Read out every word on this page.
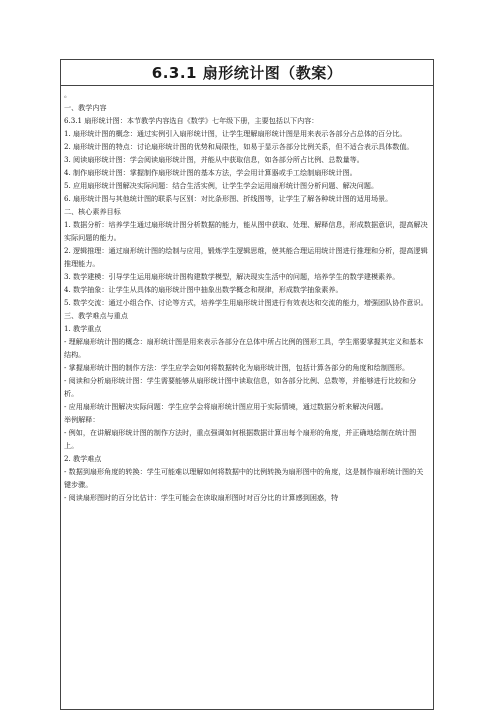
6.3.1 扇形统计图（教案）

。

一、教学内容

6.3.1 扇形统计图：本节教学内容选自《数学》七年级下册，主要包括以下内容：

1. 扇形统计图的概念：通过实例引入扇形统计图，让学生理解扇形统计图是用来表示各部分占总体的百分比。

2. 扇形统计图的特点：讨论扇形统计图的优势和局限性，如易于显示各部分比例关系，但不适合表示具体数值。

3. 阅读扇形统计图：学会阅读扇形统计图，并能从中获取信息，如各部分所占比例、总数量等。

4. 制作扇形统计图：掌握制作扇形统计图的基本方法，学会用计算器或手工绘制扇形统计图。

5. 应用扇形统计图解决实际问题：结合生活实例，让学生学会运用扇形统计图分析问题、解决问题。

6. 扇形统计图与其他统计图的联系与区别：对比条形图、折线图等，让学生了解各种统计图的适用场景。

二、核心素养目标

1. 数据分析：培养学生通过扇形统计图分析数据的能力，能从图中获取、处理、解释信息，形成数据意识，提高解决实际问题的能力。

2. 逻辑推理：通过扇形统计图的绘制与应用，锻炼学生逻辑思维，使其能合理运用统计图进行推理和分析，提高逻辑推理能力。

3. 数学建模：引导学生运用扇形统计图构建数学模型，解决现实生活中的问题，培养学生的数学建模素养。

4. 数学抽象：让学生从具体的扇形统计图中抽象出数学概念和规律，形成数学抽象素养。

5. 数学交流：通过小组合作、讨论等方式，培养学生用扇形统计图进行有效表达和交流的能力，增强团队协作意识。

三、教学难点与重点

1. 教学重点

- 理解扇形统计图的概念：扇形统计图是用来表示各部分在总体中所占比例的图形工具，学生需要掌握其定义和基本结构。

- 掌握扇形统计图的制作方法：学生应学会如何将数据转化为扇形统计图，包括计算各部分的角度和绘制图形。

- 阅读和分析扇形统计图：学生需要能够从扇形统计图中读取信息，如各部分比例、总数等，并能够进行比较和分析。

- 应用扇形统计图解决实际问题：学生应学会将扇形统计图应用于实际情境，通过数据分析来解决问题。

举例解释：

- 例如，在讲解扇形统计图的制作方法时，重点强调如何根据数据计算出每个扇形的角度，并正确地绘制在统计图上。

2. 教学难点

- 数据到扇形角度的转换：学生可能难以理解如何将数据中的比例转换为扇形图中的角度，这是制作扇形统计图的关键步骤。

- 阅读扇形图时的百分比估计：学生可能会在读取扇形图时对百分比的计算感到困惑，特
